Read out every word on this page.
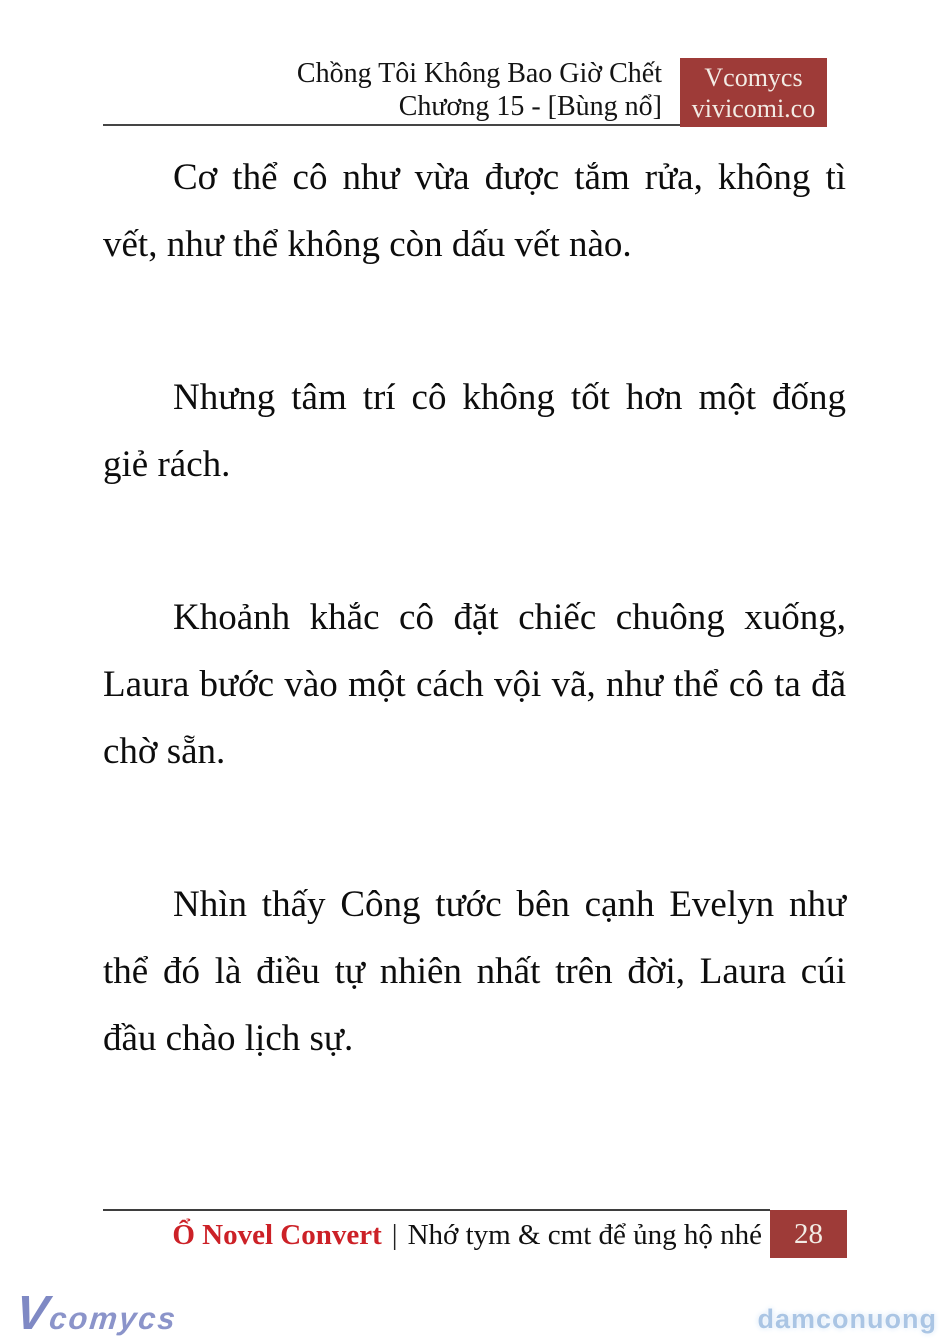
Chồng Tôi Không Bao Giờ Chết
Chương 15 - [Bùng nổ]
Vcomycs
vivicomi.co

Cơ thể cô như vừa được tắm rửa, không tì vết, như thể không còn dấu vết nào.

Nhưng tâm trí cô không tốt hơn một đống giẻ rách.

Khoảnh khắc cô đặt chiếc chuông xuống, Laura bước vào một cách vội vã, như thể cô ta đã chờ sẵn.

Nhìn thấy Công tước bên cạnh Evelyn như thể đó là điều tự nhiên nhất trên đời, Laura cúi đầu chào lịch sự.

Ổ Novel Convert | Nhớ tym & cmt để ủng hộ nhé	28
Vcomycs	damconuong
